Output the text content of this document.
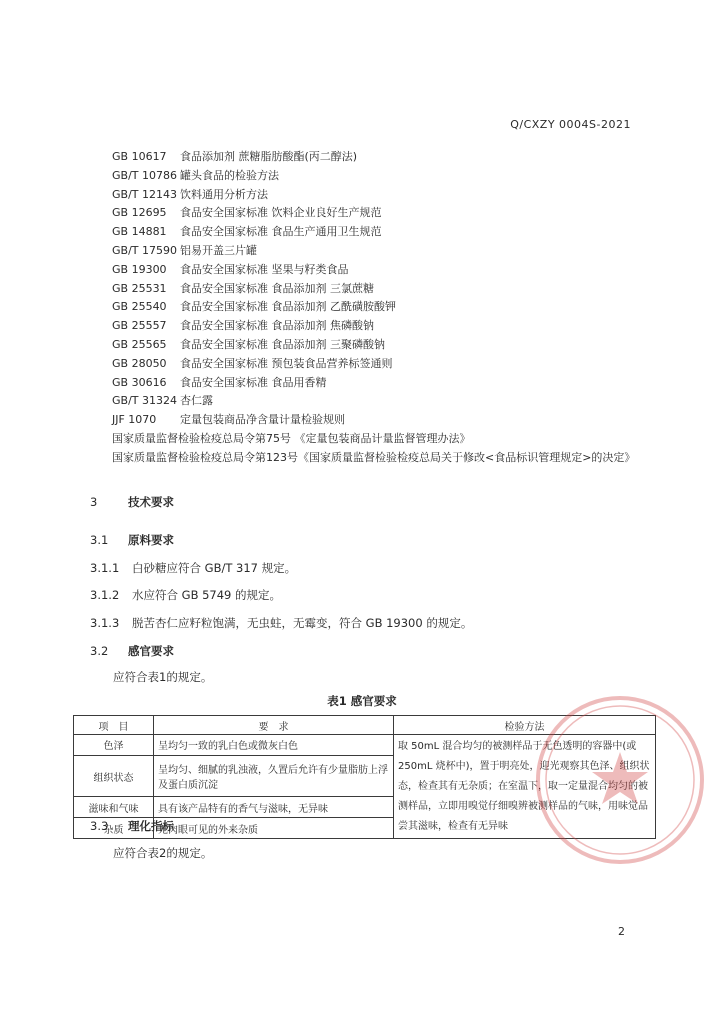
Q/CXZY 0004S-2021
GB 10617	食品添加剂 蔗糖脂肪酸酯(丙二醇法)
GB/T 10786 罐头食品的检验方法
GB/T 12143 饮料通用分析方法
GB 12695	食品安全国家标准 饮料企业良好生产规范
GB 14881	食品安全国家标准 食品生产通用卫生规范
GB/T 17590 铝易开盖三片罐
GB 19300	食品安全国家标准 坚果与籽类食品
GB 25531	食品安全国家标准 食品添加剂 三氯蔗糖
GB 25540	食品安全国家标准 食品添加剂 乙酰磺胺酸钾
GB 25557	食品安全国家标准 食品添加剂 焦磷酸钠
GB 25565	食品安全国家标准 食品添加剂 三聚磷酸钠
GB 28050	食品安全国家标准 预包装食品营养标签通则
GB 30616	食品安全国家标准 食品用香精
GB/T 31324 杏仁露
JJF 1070	定量包装商品净含量计量检验规则
国家质量监督检验检疫总局令第75号 《定量包装商品计量监督管理办法》
国家质量监督检验检疫总局令第123号《国家质量监督检验检疫总局关于修改<食品标识管理规定>的决定》
3	技术要求
3.1 原料要求
3.1.1 白砂糖应符合 GB/T 317 规定。
3.1.2 水应符合 GB 5749 的规定。
3.1.3 脱苦杏仁应籽粒饱满，无虫蛀，无霉变，符合 GB 19300 的规定。
3.2 感官要求
应符合表1的规定。
表1 感官要求
项　目	要　求	检验方法
色泽	呈均匀一致的乳白色或微灰白色	取 50mL 混合均匀的被测样品于无色透明的容器中(或 250mL 烧杯中)，置于明亮处，迎光观察其色泽、组织状态，检查其有无杂质；在室温下，取一定量混合均匀的被测样品，立即用嗅觉仔细嗅辨被测样品的气味，用味觉品尝其滋味，检查有无异味
组织状态	呈均匀、细腻的乳浊液，久置后允许有少量脂肪上浮及蛋白质沉淀	
滋味和气味	具有该产品特有的香气与滋味，无异味	
杂质	无肉眼可见的外来杂质	
3.3 理化指标
应符合表2的规定。
2
